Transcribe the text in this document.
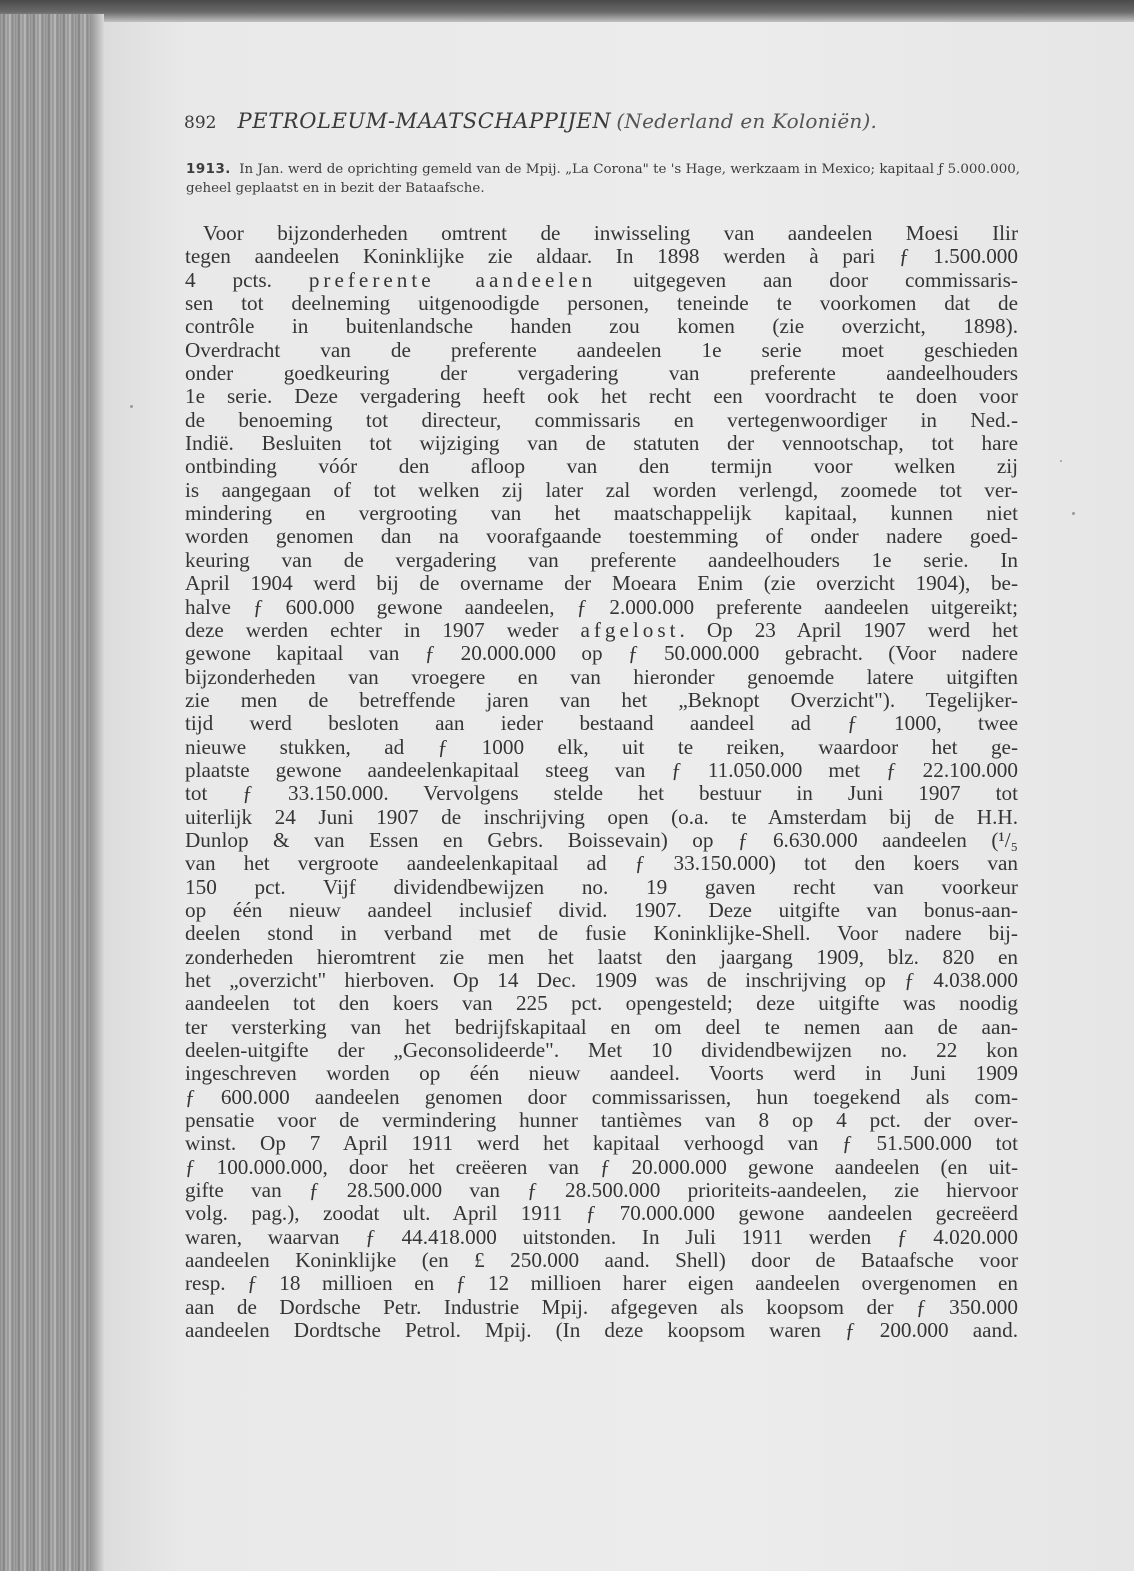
892 PETROLEUM-MAATSCHAPPIJEN (Nederland en Koloniën).
1913. In Jan. werd de oprichting gemeld van de Mpij. „La Corona" te 's Hage, werkzaam in Mexico; kapitaal ƒ 5.000.000, geheel geplaatst en in bezit der Bataafsche.
Voor bijzonderheden omtrent de inwisseling van aandeelen Moesi Ilir
tegen aandeelen Koninklijke zie aldaar. In 1898 werden à pari ƒ 1.500.000
4 pcts. preferente aandeelen uitgegeven aan door commissaris-
sen tot deelneming uitgenoodigde personen, teneinde te voorkomen dat de
contrôle in buitenlandsche handen zou komen (zie overzicht, 1898).
Overdracht van de preferente aandeelen 1e serie moet geschieden
onder goedkeuring der vergadering van preferente aandeelhouders
1e serie. Deze vergadering heeft ook het recht een voordracht te doen voor
de benoeming tot directeur, commissaris en vertegenwoordiger in Ned.-
Indië. Besluiten tot wijziging van de statuten der vennootschap, tot hare
ontbinding vóór den afloop van den termijn voor welken zij
is aangegaan of tot welken zij later zal worden verlengd, zoomede tot ver-
mindering en vergrooting van het maatschappelijk kapitaal, kunnen niet
worden genomen dan na voorafgaande toestemming of onder nadere goed-
keuring van de vergadering van preferente aandeelhouders 1e serie. In
April 1904 werd bij de overname der Moeara Enim (zie overzicht 1904), be-
halve ƒ 600.000 gewone aandeelen, ƒ 2.000.000 preferente aandeelen uitgereikt;
deze werden echter in 1907 weder afgelost. Op 23 April 1907 werd het
gewone kapitaal van ƒ 20.000.000 op ƒ 50.000.000 gebracht. (Voor nadere
bijzonderheden van vroegere en van hieronder genoemde latere uitgiften
zie men de betreffende jaren van het „Beknopt Overzicht"). Tegelijker-
tijd werd besloten aan ieder bestaand aandeel ad ƒ 1000, twee
nieuwe stukken, ad ƒ 1000 elk, uit te reiken, waardoor het ge-
plaatste gewone aandeelenkapitaal steeg van ƒ 11.050.000 met ƒ 22.100.000
tot ƒ 33.150.000. Vervolgens stelde het bestuur in Juni 1907 tot
uiterlijk 24 Juni 1907 de inschrijving open (o.a. te Amsterdam bij de H.H.
Dunlop & van Essen en Gebrs. Boissevain) op ƒ 6.630.000 aandeelen (¹/₅
van het vergroote aandeelenkapitaal ad ƒ 33.150.000) tot den koers van
150 pct. Vijf dividendbewijzen no. 19 gaven recht van voorkeur
op één nieuw aandeel inclusief divid. 1907. Deze uitgifte van bonus-aan-
deelen stond in verband met de fusie Koninklijke-Shell. Voor nadere bij-
zonderheden hieromtrent zie men het laatst den jaargang 1909, blz. 820 en
het „overzicht" hierboven. Op 14 Dec. 1909 was de inschrijving op ƒ 4.038.000
aandeelen tot den koers van 225 pct. opengesteld; deze uitgifte was noodig
ter versterking van het bedrijfskapitaal en om deel te nemen aan de aan-
deelen-uitgifte der „Geconsolideerde". Met 10 dividendbewijzen no. 22 kon
ingeschreven worden op één nieuw aandeel. Voorts werd in Juni 1909
ƒ 600.000 aandeelen genomen door commissarissen, hun toegekend als com-
pensatie voor de vermindering hunner tantièmes van 8 op 4 pct. der over-
winst. Op 7 April 1911 werd het kapitaal verhoogd van ƒ 51.500.000 tot
ƒ 100.000.000, door het creëeren van ƒ 20.000.000 gewone aandeelen (en uit-
gifte van ƒ 28.500.000 van ƒ 28.500.000 prioriteits-aandeelen, zie hiervoor
volg. pag.), zoodat ult. April 1911 ƒ 70.000.000 gewone aandeelen gecreëerd
waren, waarvan ƒ 44.418.000 uitstonden. In Juli 1911 werden ƒ 4.020.000
aandeelen Koninklijke (en £ 250.000 aand. Shell) door de Bataafsche voor
resp. ƒ 18 millioen en ƒ 12 millioen harer eigen aandeelen overgenomen en
aan de Dordsche Petr. Industrie Mpij. afgegeven als koopsom der ƒ 350.000
aandeelen Dordtsche Petrol. Mpij. (In deze koopsom waren ƒ 200.000 aand.
